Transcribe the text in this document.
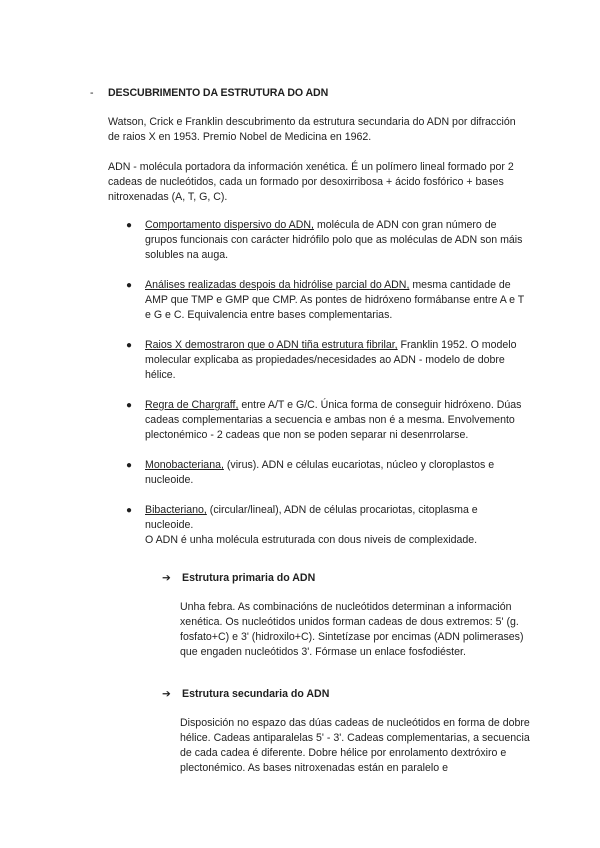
- DESCUBRIMENTO DA ESTRUTURA DO ADN
Watson, Crick e Franklin descubrimento da estrutura secundaria do ADN por difracción de raios X en 1953. Premio Nobel de Medicina en 1962.
ADN - molécula portadora da información xenética. É un polímero lineal formado por 2 cadeas de nucleótidos, cada un formado por desoxirribosa + ácido fosfórico + bases nitroxenadas (A, T, G, C).
● Comportamento dispersivo do ADN, molécula de ADN con gran número de grupos funcionais con carácter hidrófilo polo que as moléculas de ADN son máis solubles na auga.
● Análises realizadas despois da hidrólise parcial do ADN, mesma cantidade de AMP que TMP e GMP que CMP. As pontes de hidróxeno formábanse entre A e T e G e C. Equivalencia entre bases complementarias.
● Raios X demostraron que o ADN tiña estrutura fibrilar, Franklin 1952. O modelo molecular explicaba as propiedades/necesidades ao ADN - modelo de dobre hélice.
● Regra de Chargraff, entre A/T e G/C. Única forma de conseguir hidróxeno. Dúas cadeas complementarias a secuencia e ambas non é a mesma. Envolvemento plectonémico - 2 cadeas que non se poden separar ni desenrrolarse.
● Monobacteriana, (virus). ADN e células eucariotas, núcleo y cloroplastos e nucleoide.
● Bibacteriano, (circular/lineal), ADN de células procariotas, citoplasma e nucleoide.
O ADN é unha molécula estruturada con dous niveis de complexidade.
➔ Estrutura primaria do ADN
Unha febra. As combinacións de nucleótidos determinan a información xenética. Os nucleótidos unidos forman cadeas de dous extremos: 5' (g. fosfato+C) e 3' (hidroxilo+C). Sintetízase por encimas (ADN polimerases) que engaden nucleótidos 3'. Fórmase un enlace fosfodiéster.
➔ Estrutura secundaria do ADN
Disposición no espazo das dúas cadeas de nucleótidos en forma de dobre hélice. Cadeas antiparalelas 5' - 3'. Cadeas complementarias, a secuencia de cada cadea é diferente. Dobre hélice por enrolamento dextróxiro e plectonémico. As bases nitroxenadas están en paralelo e
